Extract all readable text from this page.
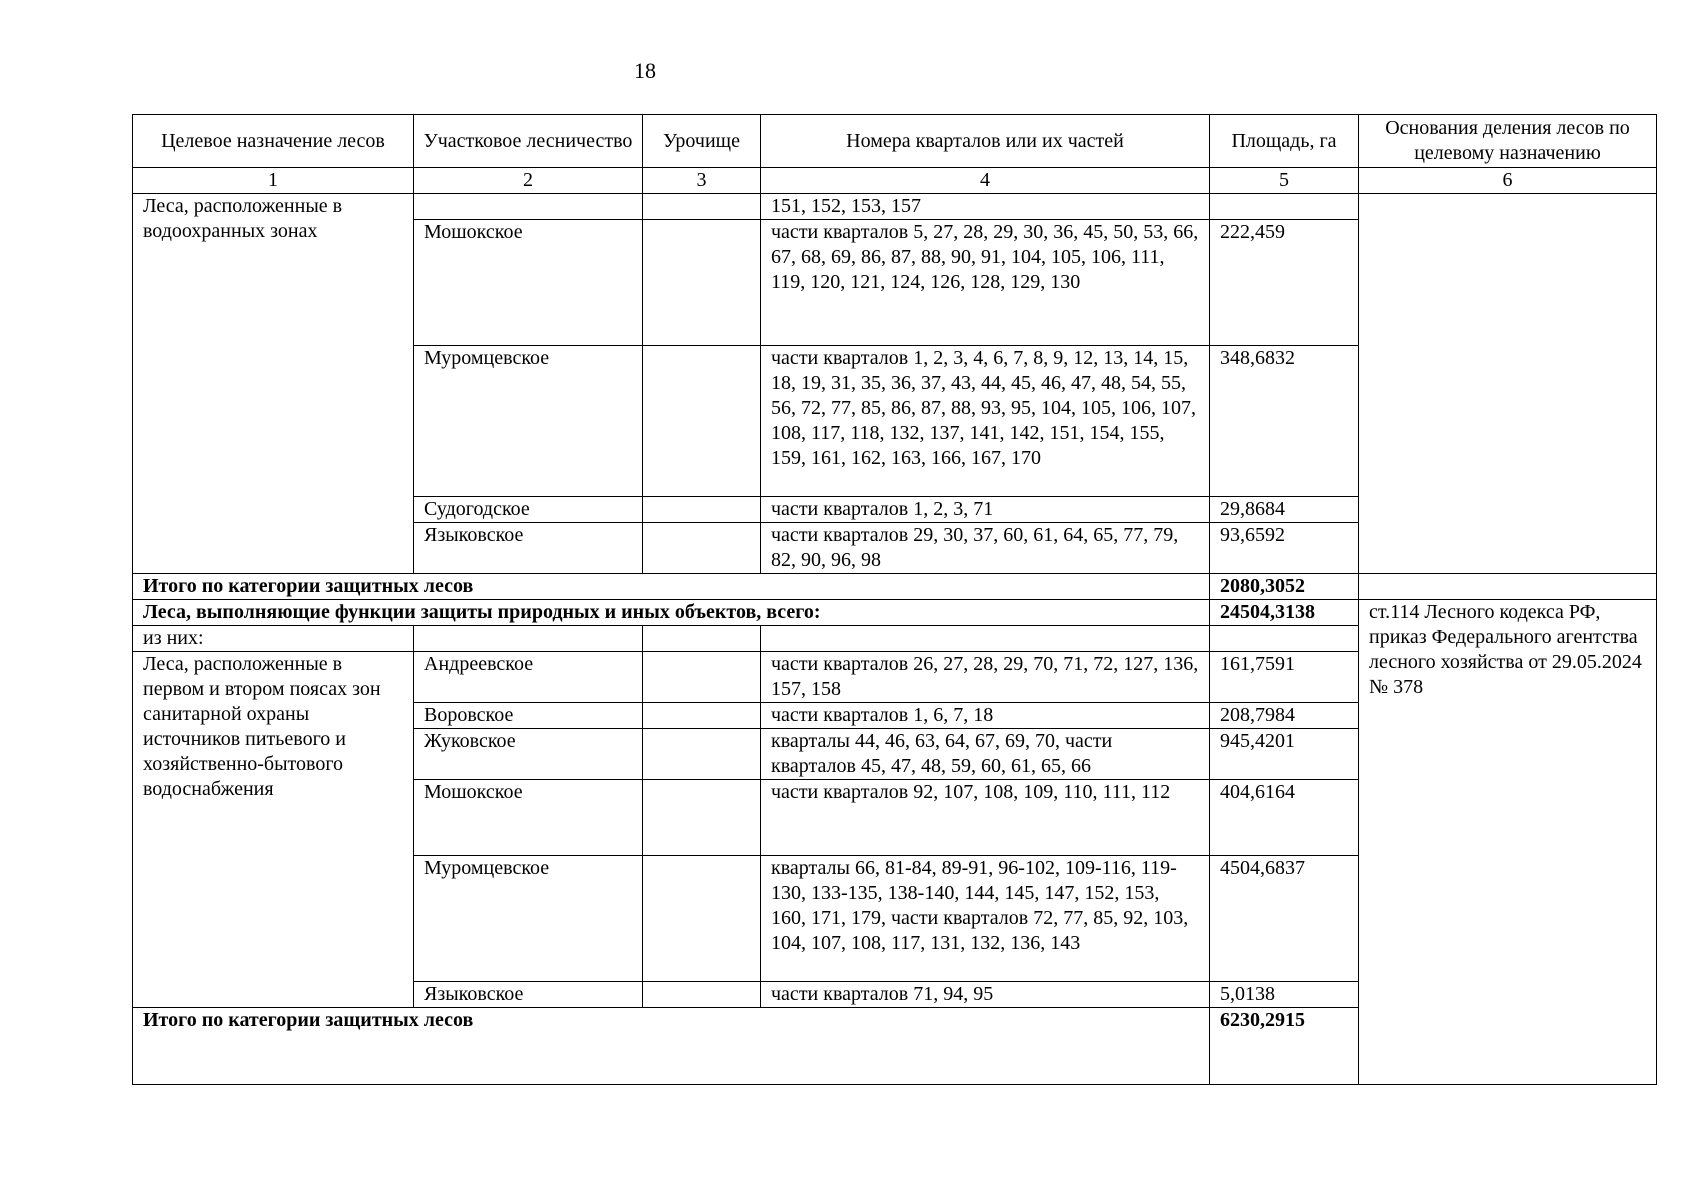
18
Целевое назначение лесов	Участковое лесничество	Урочище	Номера кварталов или их частей	Площадь, га	Основания деления лесов по целевому назначению	
1	2	3	4	5	6	
Леса, расположенные в водоохранных зонах			151, 152, 153, 157			
	Мошокское		части кварталов 5, 27, 28, 29, 30, 36, 45, 50, 53, 66, 67, 68, 69, 86, 87, 88, 90, 91, 104, 105, 106, 111, 119, 120, 121, 124, 126, 128, 129, 130	222,459		
	Муромцевское		части кварталов 1, 2, 3, 4, 6, 7, 8, 9, 12, 13, 14, 15, 18, 19, 31, 35, 36, 37, 43, 44, 45, 46, 47, 48, 54, 55, 56, 72, 77, 85, 86, 87, 88, 93, 95, 104, 105, 106, 107, 108, 117, 118, 132, 137, 141, 142, 151, 154, 155, 159, 161, 162, 163, 166, 167, 170	348,6832		
	Судогодское		части кварталов 1, 2, 3, 71	29,8684		
	Языковское		части кварталов 29, 30, 37, 60, 61, 64, 65, 77, 79, 82, 90, 96, 98	93,6592		
Итого по категории защитных лесов				2080,3052		
Леса, выполняющие функции защиты природных и иных объектов, всего:				24504,3138	ст.114 Лесного кодекса РФ, приказ Федерального агентства лесного хозяйства от 29.05.2024 № 378	
из них:						
Леса, расположенные в первом и втором поясах зон санитарной охраны источников питьевого и хозяйственно-бытового водоснабжения	Андреевское		части кварталов 26, 27, 28, 29, 70, 71, 72, 127, 136, 157, 158	161,7591		
	Воровское		части кварталов 1, 6, 7, 18	208,7984		
	Жуковское		кварталы 44, 46, 63, 64, 67, 69, 70, части кварталов 45, 47, 48, 59, 60, 61, 65, 66	945,4201		
	Мошокское		части кварталов 92, 107, 108, 109, 110, 111, 112	404,6164		
	Муромцевское		кварталы 66, 81-84, 89-91, 96-102, 109-116, 119-130, 133-135, 138-140, 144, 145, 147, 152, 153, 160, 171, 179, части кварталов 72, 77, 85, 92, 103, 104, 107, 108, 117, 131, 132, 136, 143	4504,6837		
	Языковское		части кварталов 71, 94, 95	5,0138		
Итого по категории защитных лесов				6230,2915		
